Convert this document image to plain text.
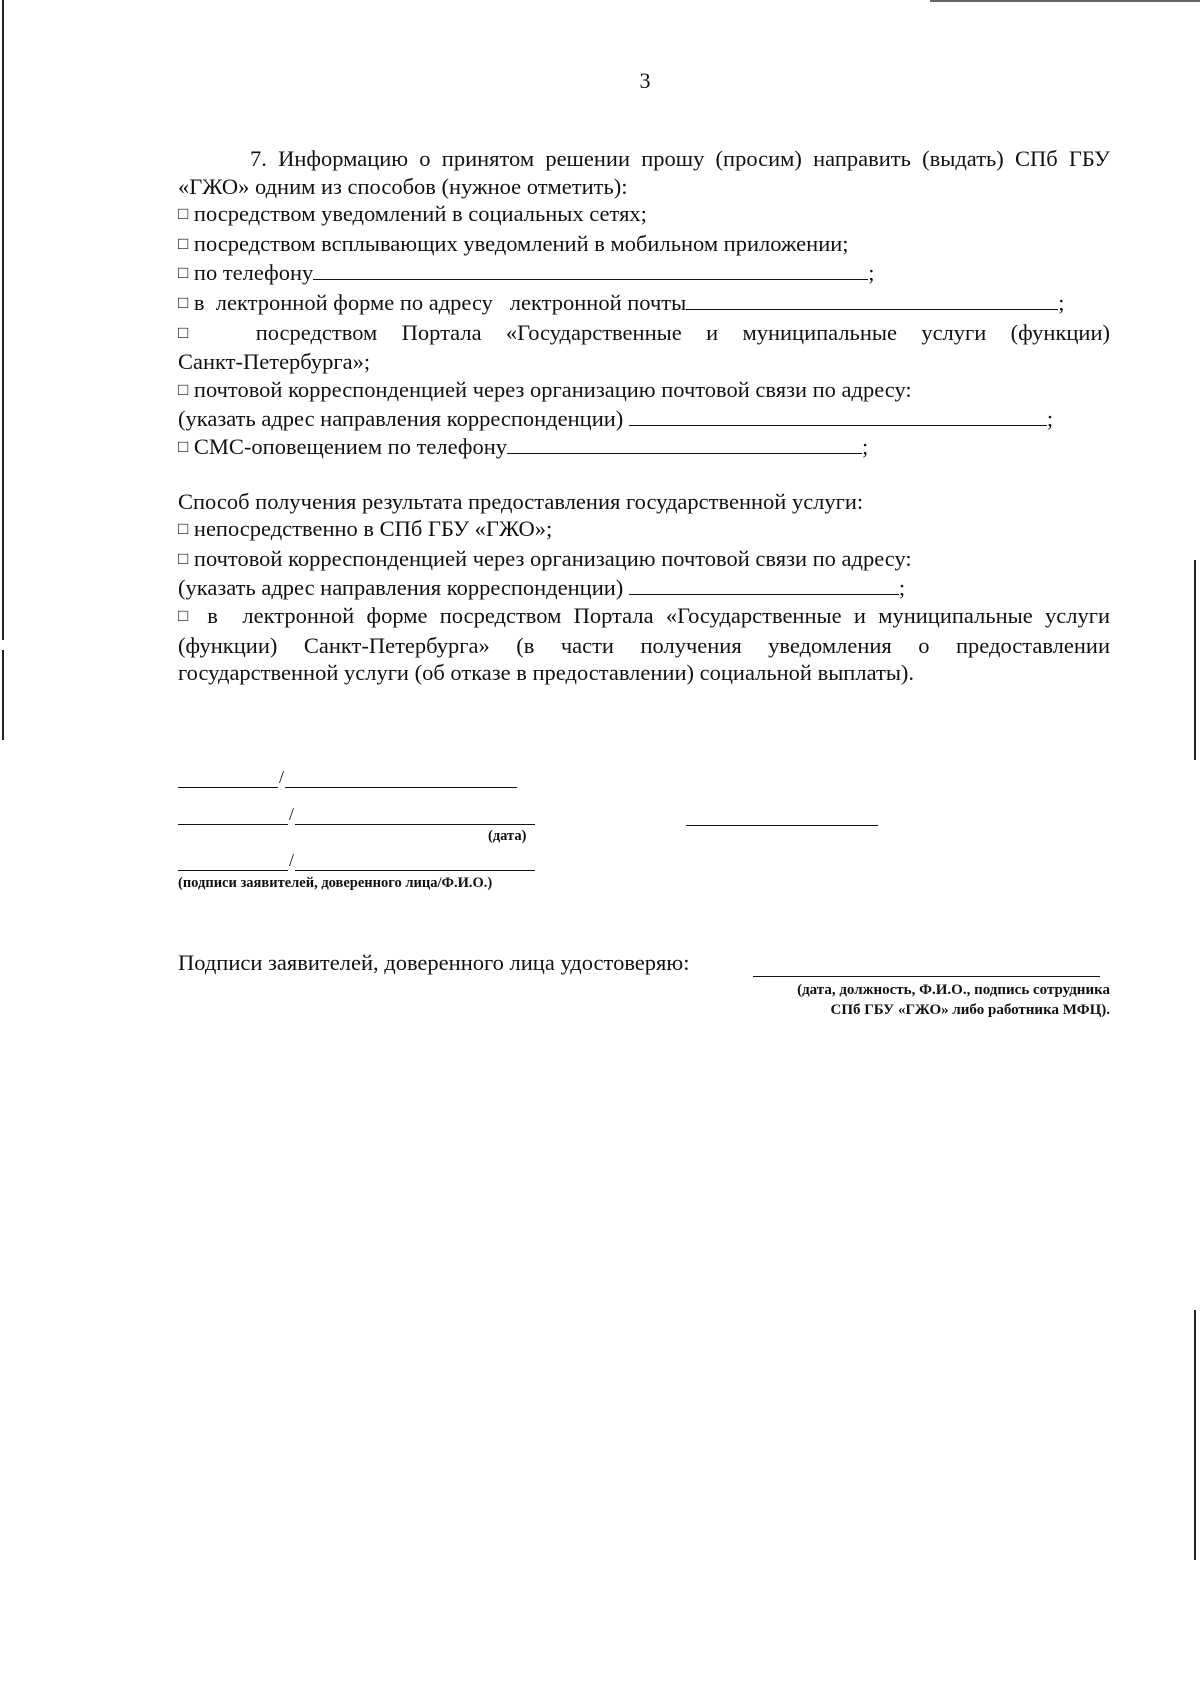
3

7. Информацию о принятом решении прошу (просим) направить (выдать) СПб ГБУ «ГЖО» одним из способов (нужное отметить):

□ посредством уведомлений в социальных сетях;

□ посредством всплывающих уведомлений в мобильном приложении;

□ по телефону	;

□ в лектронной форме по адресу лектронной почты	;

□ посредством Портала «Государственные и муниципальные услуги (функции)

Санкт-Петербурга»;

□ почтовой корреспонденцией через организацию почтовой связи по адресу:

(указать адрес направления корреспонденции)	;

□ СМС-оповещением по телефону	;

Способ получения результата предоставления государственной услуги:

□ непосредственно в СПб ГБУ «ГЖО»;

□ почтовой корреспонденцией через организацию почтовой связи по адресу:

(указать адрес направления корреспонденции)	;

□ в лектронной форме посредством Портала «Государственные и муниципальные услуги (функции) Санкт-Петербурга» (в части получения уведомления о предоставлении государственной услуги (об отказе в предоставлении) социальной выплаты).

/
/
(дата)
/
(подписи заявителей, доверенного лица/Ф.И.О.)
Подписи заявителей, доверенного лица удостоверяю:
(дата, должность, Ф.И.О., подпись сотрудника
СПб ГБУ «ГЖО» либо работника МФЦ).
